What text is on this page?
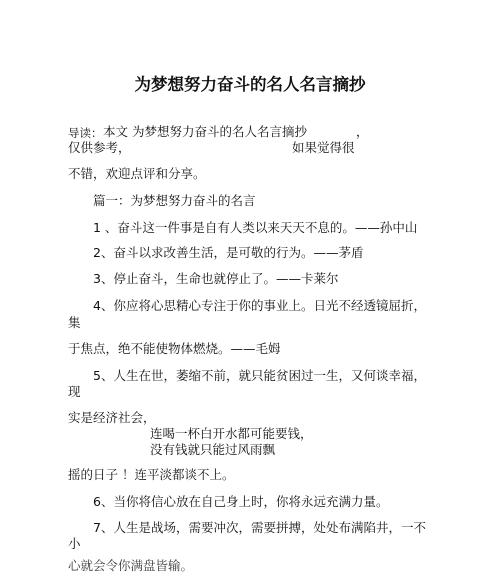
为梦想努力奋斗的名人名言摘抄
导读： 本文 为梦想努力奋斗的名人名言摘抄	，
仅供参考，	如果觉得很
不错，欢迎点评和分享。
篇一：为梦想努力奋斗的名言
1 、奋斗这一件事是自有人类以来天天不息的。——孙中山
2、奋斗以求改善生活，是可敬的行为。——茅盾
3、停止奋斗，生命也就停止了。——卡莱尔
4、你应将心思精心专注于你的事业上。日光不经透镜屈折，
集
于焦点，绝不能使物体燃烧。——毛姆
5、人生在世，萎缩不前，就只能贫困过一生，又何谈幸福，
现
实是经济社会，
连喝一杯白开水都可能要钱，
没有钱就只能过风雨飘
摇的日子 ！连平淡都谈不上。
6、当你将信心放在自己身上时，你将永远充满力量。
7、人生是战场，需要冲次，需要拼搏，处处布满陷井，一不
小
心就会令你满盘皆输。
